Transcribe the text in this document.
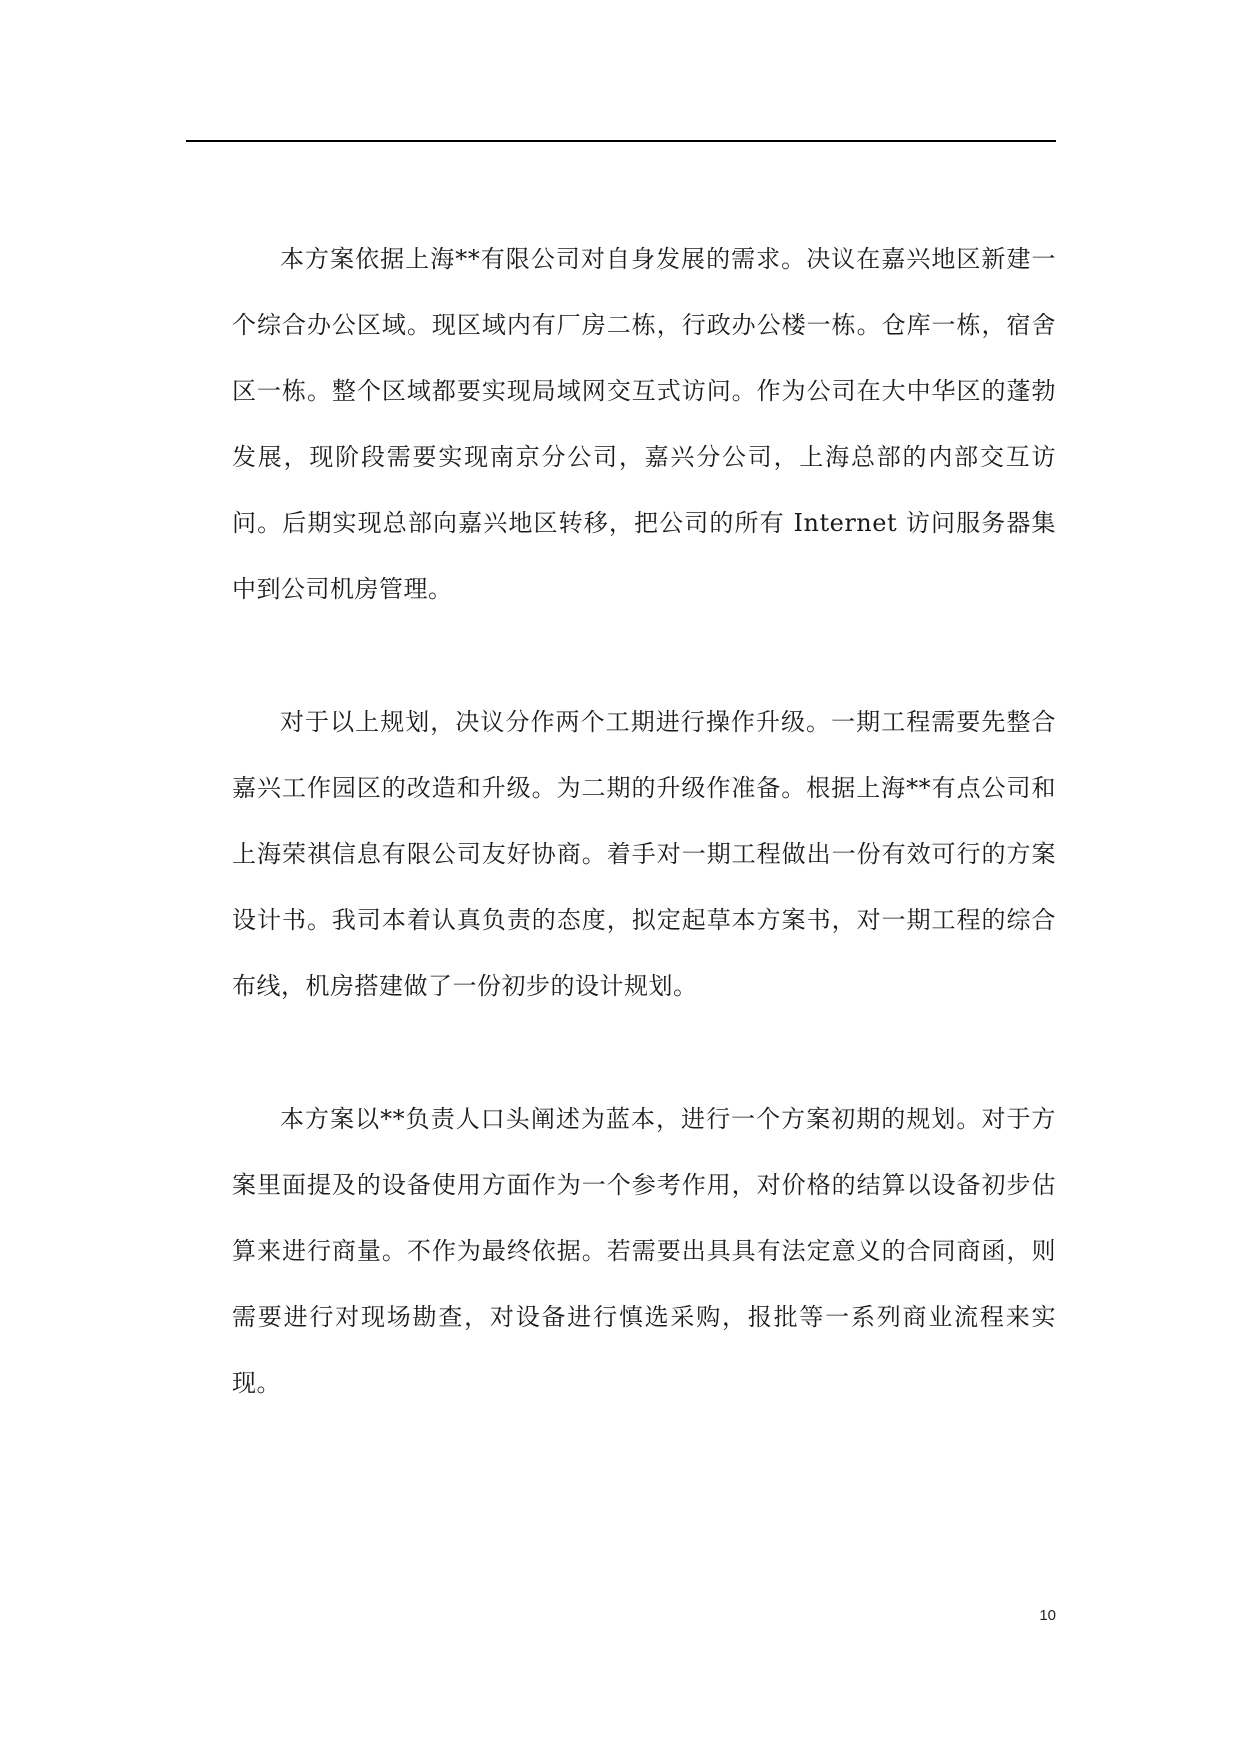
本方案依据上海**有限公司对自身发展的需求。决议在嘉兴地区新建一个综合办公区域。现区域内有厂房二栋，行政办公楼一栋。仓库一栋，宿舍区一栋。整个区域都要实现局域网交互式访问。作为公司在大中华区的蓬勃发展，现阶段需要实现南京分公司，嘉兴分公司，上海总部的内部交互访问。后期实现总部向嘉兴地区转移，把公司的所有 Internet 访问服务器集中到公司机房管理。

对于以上规划，决议分作两个工期进行操作升级。一期工程需要先整合嘉兴工作园区的改造和升级。为二期的升级作准备。根据上海**有点公司和上海荣祺信息有限公司友好协商。着手对一期工程做出一份有效可行的方案设计书。我司本着认真负责的态度，拟定起草本方案书，对一期工程的综合布线，机房搭建做了一份初步的设计规划。

本方案以**负责人口头阐述为蓝本，进行一个方案初期的规划。对于方案里面提及的设备使用方面作为一个参考作用，对价格的结算以设备初步估算来进行商量。不作为最终依据。若需要出具具有法定意义的合同商函，则需要进行对现场勘查，对设备进行慎选采购，报批等一系列商业流程来实现。

10
